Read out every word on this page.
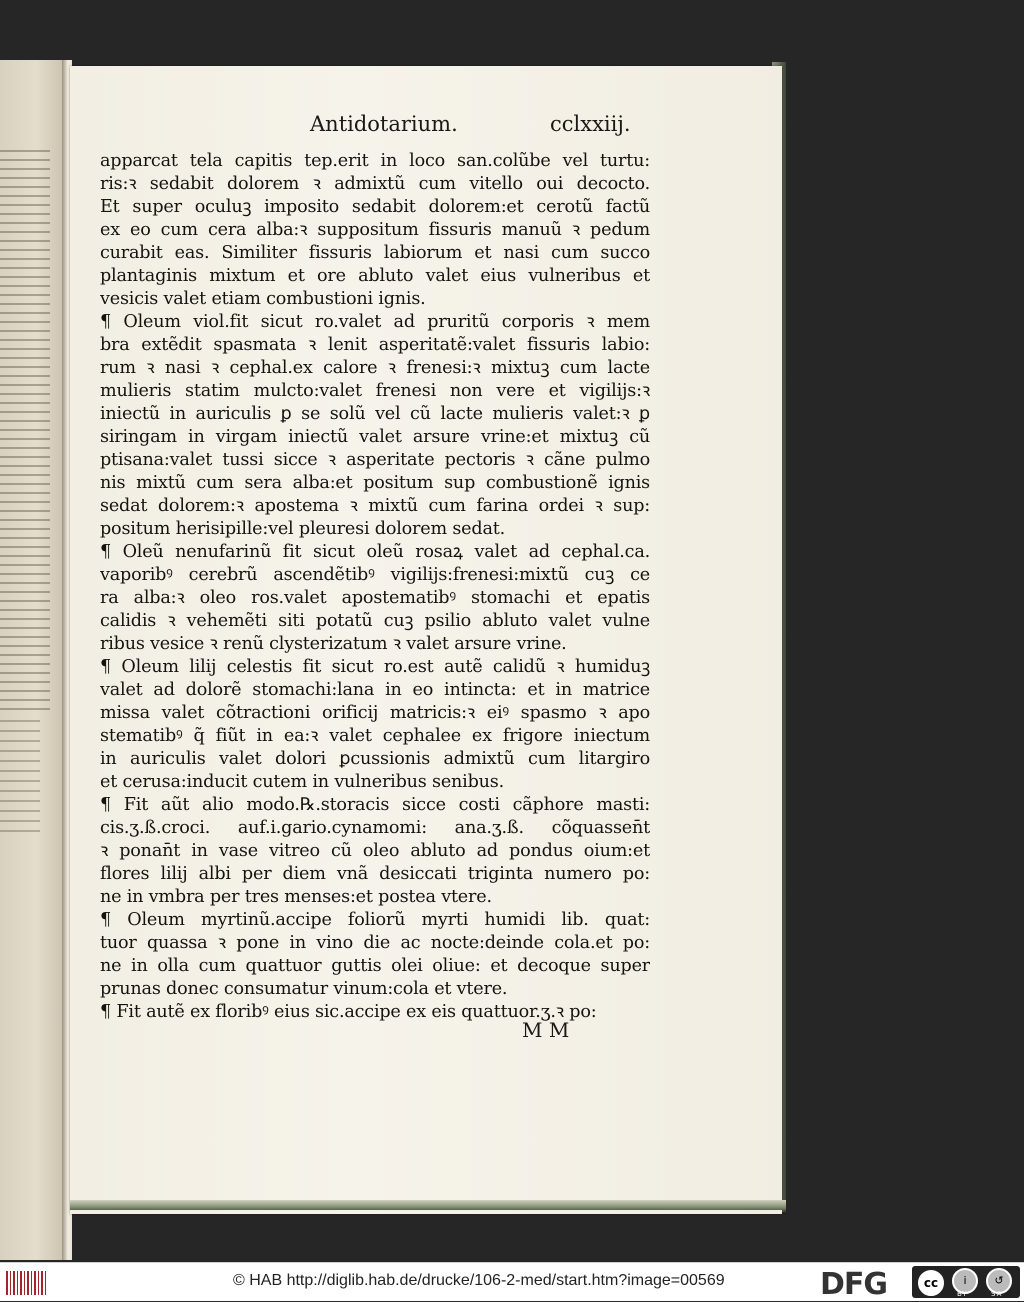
Antidotarium.	cclxxiij.
apparcat tela capitis tep.erit in loco san.colũbe vel turtu:
ris:ꝛ sedabit dolorem ꝛ admixtũ cum vitello oui decocto.
Et super oculuꝫ imposito sedabit dolorem:et cerotũ factũ
ex eo cum cera alba:ꝛ suppositum fissuris manuũ ꝛ pedum
curabit eas. Similiter fissuris labiorum et nasi cum succo
plantaginis mixtum et ore abluto valet eius vulneribus et
vesicis valet etiam combustioni ignis.
¶ Oleum viol.fit sicut ro.valet ad pruritũ corporis ꝛ mem
bra extẽdit spasmata ꝛ lenit asperitatẽ:valet fissuris labio:
rum ꝛ nasi ꝛ cephal.ex calore ꝛ frenesi:ꝛ mixtuꝫ cum lacte
mulieris statim mulcto:valet frenesi non vere et vigilijs:ꝛ
iniectũ in auriculis ꝑ se solũ vel cũ lacte mulieris valet:ꝛ ꝑ
siringam in virgam iniectũ valet arsure vrine:et mixtuꝫ cũ
ptisana:valet tussi sicce ꝛ asperitate pectoris ꝛ cãne pulmo
nis mixtũ cum sera alba:et positum sup combustionẽ ignis
sedat dolorem:ꝛ apostema ꝛ mixtũ cum farina ordei ꝛ sup:
positum herisipille:vel pleuresi dolorem sedat.
¶ Oleũ nenufarinũ fit sicut oleũ rosaꝝ valet ad cephal.ca.
vaporibꝰ cerebrũ ascendẽtibꝰ vigilijs:frenesi:mixtũ cuꝫ ce
ra alba:ꝛ oleo ros.valet apostematibꝰ stomachi et epatis
calidis ꝛ vehemẽti siti potatũ cuꝫ psilio abluto valet vulne
ribus vesice ꝛ renũ clysterizatum ꝛ valet arsure vrine.
¶ Oleum lilij celestis fit sicut ro.est autẽ calidũ ꝛ humiduꝫ
valet ad dolorẽ stomachi:lana in eo intincta: et in matrice
missa valet cõtractioni orificij matricis:ꝛ eiꝰ spasmo ꝛ apo
stematibꝰ q̃ fiũt in ea:ꝛ valet cephalee ex frigore iniectum
in auriculis valet dolori ꝑcussionis admixtũ cum litargiro
et cerusa:inducit cutem in vulneribus senibus.
¶ Fit aũt alio modo.℞.storacis sicce costi cãphore masti:
cis.ʒ.ß.croci. auf.i.gario.cynamomi: ana.ʒ.ß. cõquassen̄t
ꝛ ponan̄t in vase vitreo cũ oleo abluto ad pondus oium:et
flores lilij albi per diem vnã desiccati triginta numero po:
ne in vmbra per tres menses:et postea vtere.
¶ Oleum myrtinũ.accipe foliorũ myrti humidi lib. quat:
tuor quassa ꝛ pone in vino die ac nocte:deinde cola.et po:
ne in olla cum quattuor guttis olei oliue: et decoque super
prunas donec consumatur vinum:cola et vtere.
¶ Fit autẽ ex floribꝰ eius sic.accipe ex eis quattuor.ʒ.ꝛ po:
M M
© HAB http://diglib.hab.de/drucke/106-2-med/start.htm?image=00569	DFG	cc	i	↺
BY	SA
